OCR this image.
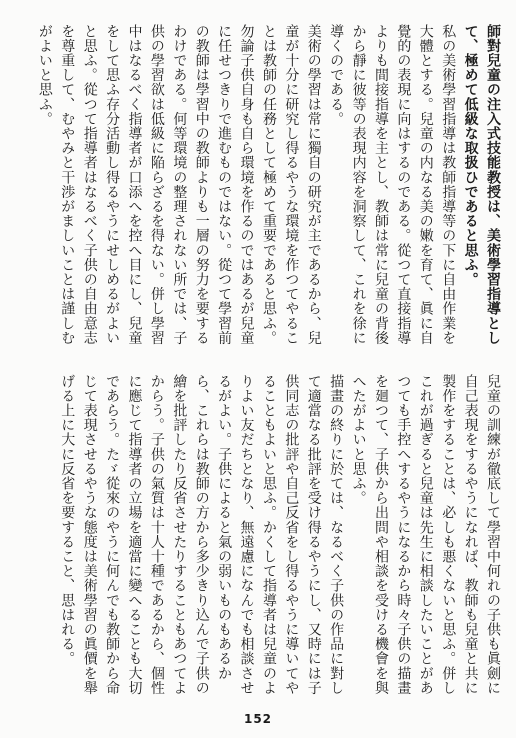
師對兒童の注入式技能教授は、美術學習指導として、極めて低級な取扱ひであると思ふ。
私の美術學習指導は教師指導等の下に自由作業を大體とする。兒童の内なる美の嫩を育て、眞に自覺的の表現に向はするのである。從つて直接指導よりも間接指導を主とし、教師は常に兒童の背後から靜に彼等の表現内容を洞察して、これを徐に導くのである。
美術の學習は常に獨自の研究が主であるから、兒童が十分に研究し得るやうな環境を作つてやることは教師の任務として極めて重要であると思ふ。勿論子供自身も自ら環境を作るのではあるが兒童に任せつきりで進むものではない。從つて學習前の教師は學習中の教師よりも一層の努力を要するわけである。何等環境の整理されない所では、子供の學習欲は低級に陥らざるを得ない。併し學習中はなるべく指導者が口添へを控へ目にし、兒童をして思ふ存分活動し得るやうにせしめるがよいと思ふ。從つて指導者はなるべく子供の自由意志を尊重して、むやみと干渉がましいことは謹しむがよいと思ふ。
兒童の訓練が徹底して學習中何れの子供も眞劍に自己表現をするやうになれば、教師も兒童と共に製作をすることは、必しも悪くないと思ふ。併しこれが過ぎると兒童は先生に相談したいことがあつても手控へするやうになるから時々子供の描畫を廻つて、子供から出問や相談を受ける機會を與へたがよいと思ふ。
描畫の終りに於ては、なるべく子供の作品に對して適當なる批評を受け得るやうにし、又時には子供同志の批評や自己反省をし得るやうに導いてやることもよいと思ふ。かくして指導者は兒童のよりよい友だちとなり、無遠慮になんでも相談させるがよい。子供によると氣の弱いものもあるから、これらは教師の方から多少きり込んで子供の繪を批評したり反省させたりすることもあつてよからう。子供の氣質は十人十種であるから、個性に應じて指導者の立場を適當に變へることも大切であらう。たゞ從來のやうに何んでも教師から命じて表現させるやうな態度は美術學習の眞價を舉げる上に大に反省を要すること、思はれる。
152
